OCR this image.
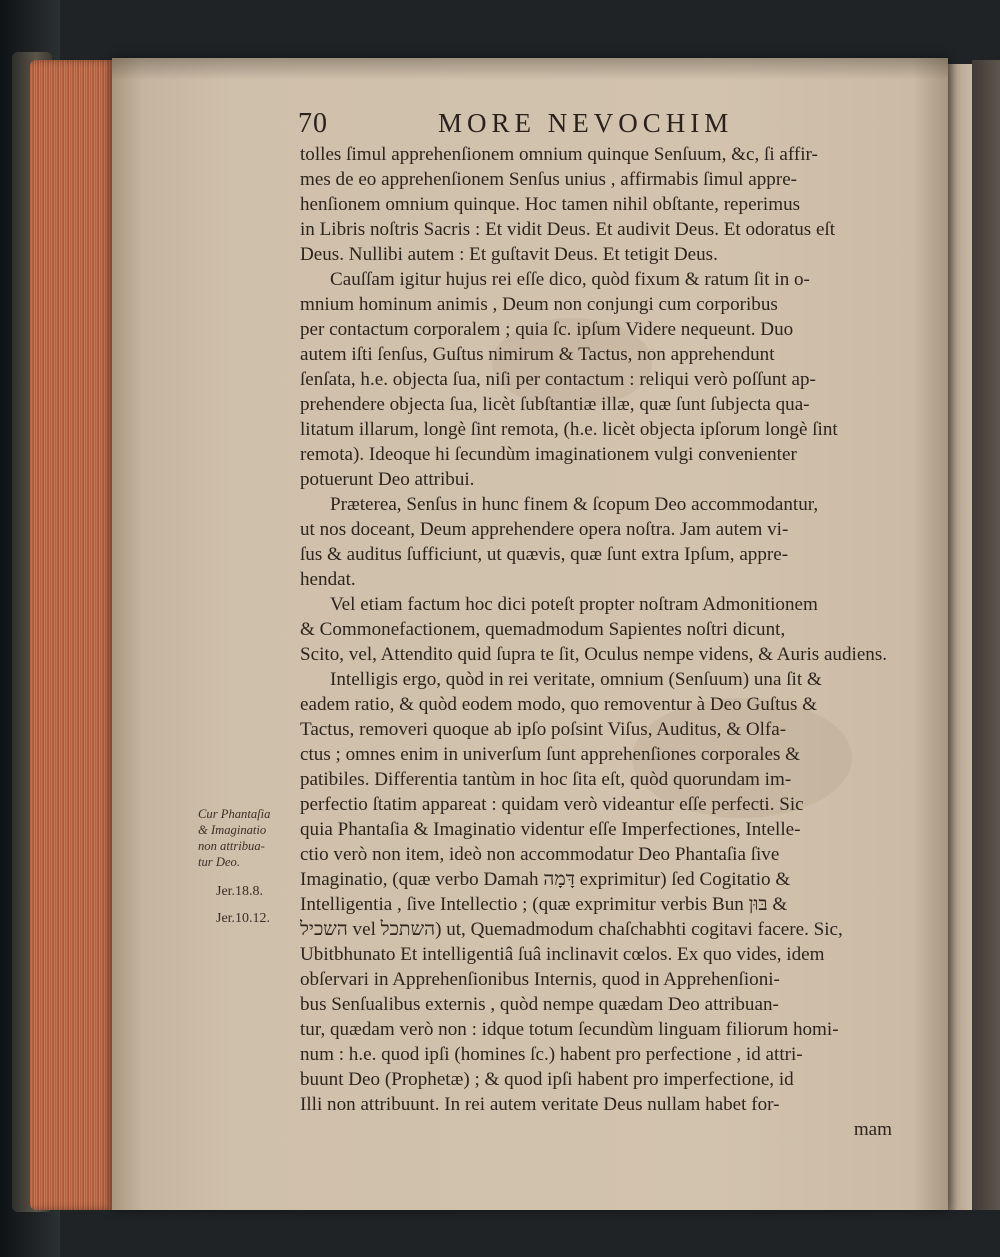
70	MORE NEVOCHIM
tolles ſimul apprehenſionem omnium quinque Senſuum, &c, ſi affir-
mes de eo apprehenſionem Senſus unius , affirmabis ſimul appre-
henſionem omnium quinque. Hoc tamen nihil obſtante, reperimus
in Libris noſtris Sacris : Et vidit Deus. Et audivit Deus. Et odoratus eſt
Deus. Nullibi autem : Et guſtavit Deus. Et tetigit Deus.
Cauſſam igitur hujus rei eſſe dico, quòd fixum & ratum ſit in o-
mnium hominum animis , Deum non conjungi cum corporibus
per contactum corporalem ; quia ſc. ipſum Videre nequeunt. Duo
autem iſti ſenſus, Guſtus nimirum & Tactus, non apprehendunt
ſenſata, h.e. objecta ſua, niſi per contactum : reliqui verò poſſunt ap-
prehendere objecta ſua, licèt ſubſtantiæ illæ, quæ ſunt ſubjecta qua-
litatum illarum, longè ſint remota, (h.e. licèt objecta ipſorum longè ſint
remota). Ideoque hi ſecundùm imaginationem vulgi convenienter
potuerunt Deo attribui.
Præterea, Senſus in hunc finem & ſcopum Deo accommodantur,
ut nos doceant, Deum apprehendere opera noſtra. Jam autem vi-
ſus & auditus ſufficiunt, ut quævis, quæ ſunt extra Ipſum, appre-
hendat.
Vel etiam factum hoc dici poteſt propter noſtram Admonitionem
& Commonefactionem, quemadmodum Sapientes noſtri dicunt,
Scito, vel, Attendito quid ſupra te ſit, Oculus nempe videns, & Auris audiens.
Intelligis ergo, quòd in rei veritate, omnium (Senſuum) una ſit &
eadem ratio, & quòd eodem modo, quo removentur à Deo Guſtus &
Tactus, removeri quoque ab ipſo poſsint Viſus, Auditus, & Olfa-
ctus ; omnes enim in univerſum ſunt apprehenſiones corporales &
patibiles. Differentia tantùm in hoc ſita eſt, quòd quorundam im-
perfectio ſtatim appareat : quidam verò videantur eſſe perfecti. Sic
quia Phantaſia & Imaginatio videntur eſſe Imperfectiones, Intelle-
ctio verò non item, ideò non accommodatur Deo Phantaſia ſive
Imaginatio, (quæ verbo Damah דָּמָה exprimitur) ſed Cogitatio &
Intelligentia , ſive Intellectio ; (quæ exprimitur verbis Bun בּוּן &
השכיל vel השתכל) ut, Quemadmodum chaſchabhti cogitavi facere. Sic,
Ubitbhunato Et intelligentiâ ſuâ inclinavit cœlos. Ex quo vides, idem
obſervari in Apprehenſionibus Internis, quod in Apprehenſioni-
bus Senſualibus externis , quòd nempe quædam Deo attribuan-
tur, quædam verò non : idque totum ſecundùm linguam filiorum homi-
num : h.e. quod ipſi (homines ſc.) habent pro perfectione , id attri-
buunt Deo (Prophetæ) ; & quod ipſi habent pro imperfectione, id
Illi non attribuunt. In rei autem veritate Deus nullam habet for-
mam
Cur Phantaſia
& Imaginatio
non attribua-
tur Deo.
Jer.18.8.
Jer.10.12.
